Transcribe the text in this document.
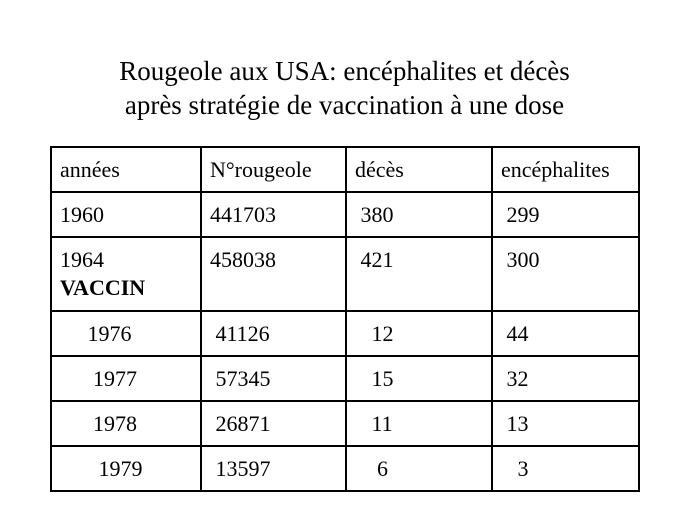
Rougeole aux USA: encéphalites et décès
après stratégie de vaccination à une dose
années	N°rougeole	décès	encéphalites
1960	441703	380	299
1964
VACCIN	458038	421	300
1976	41126	12	44
1977	57345	15	32
1978	26871	11	13
1979	13597	6	3
